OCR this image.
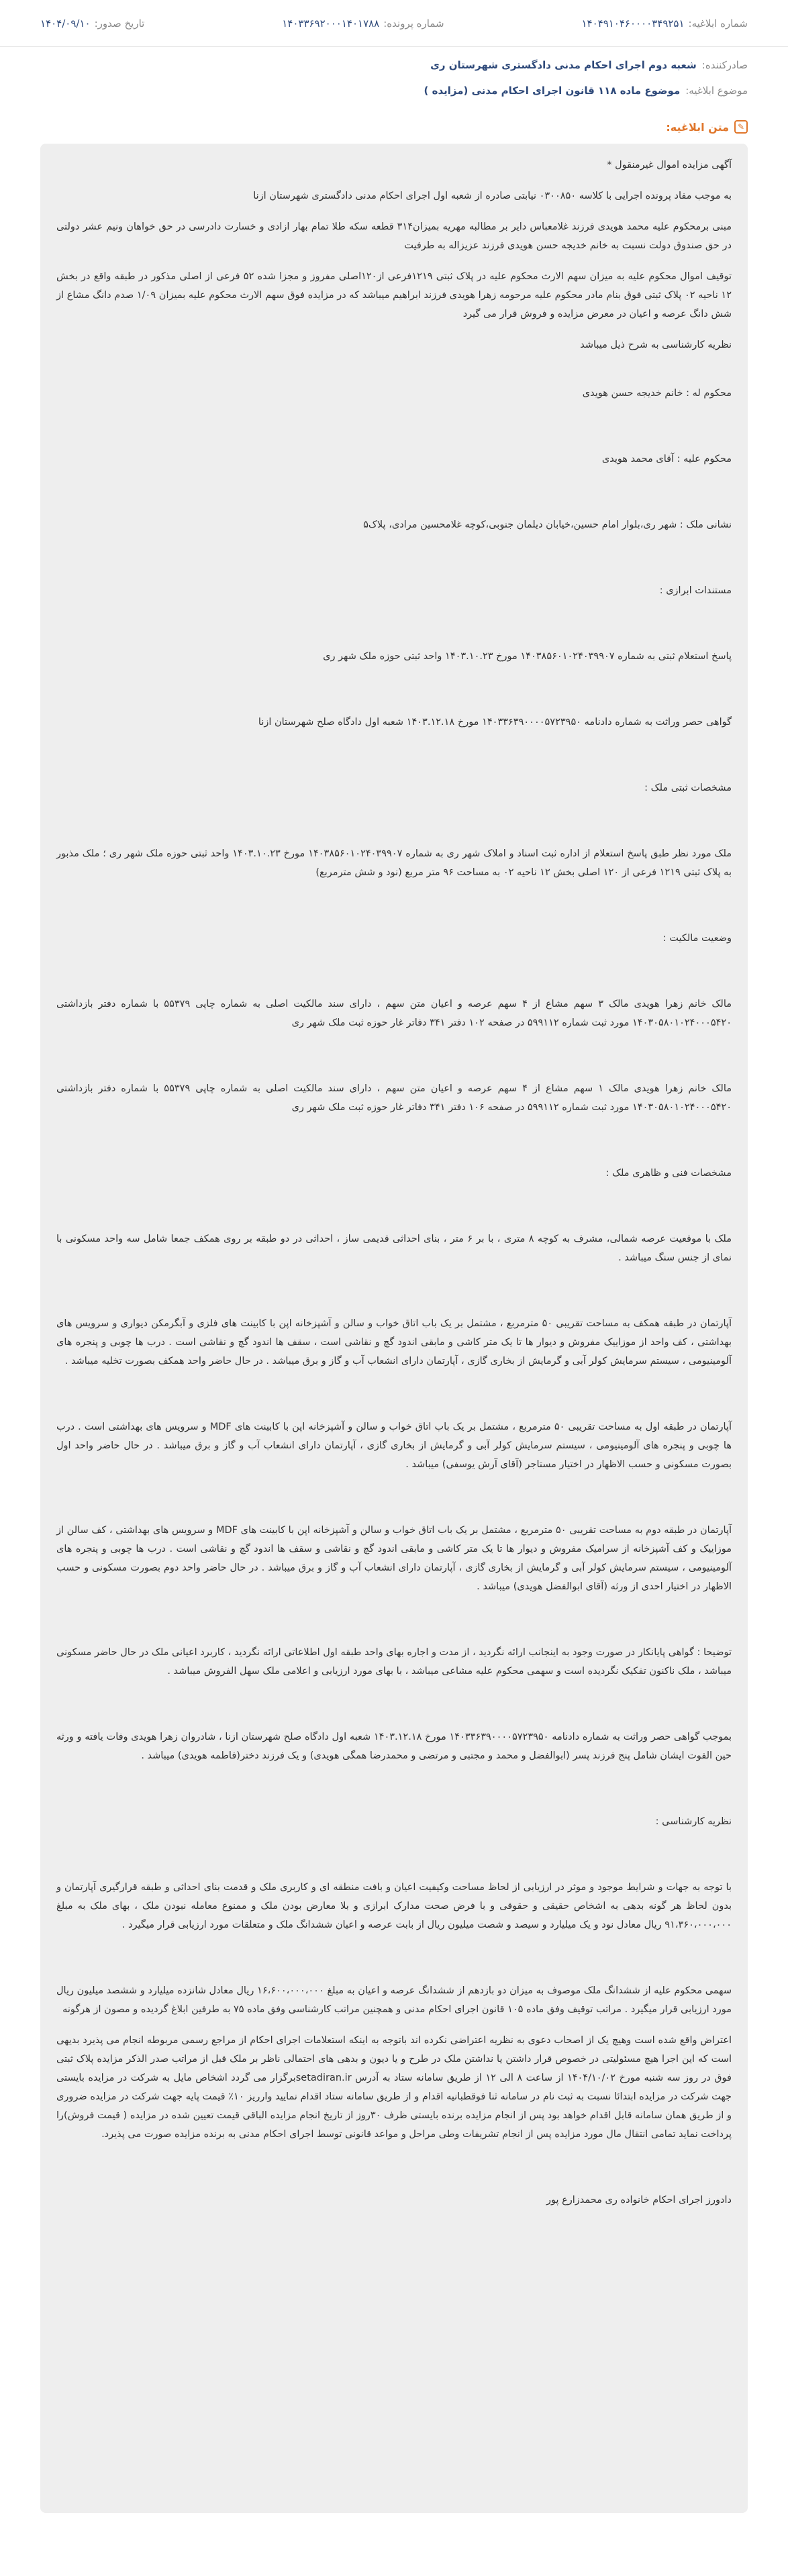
شماره ابلاغیه:۱۴۰۴۹۱۰۴۶۰۰۰۰۳۴۹۲۵۱
شماره پرونده:۱۴۰۳۳۶۹۲۰۰۰۱۴۰۱۷۸۸
تاریخ صدور:۱۴۰۴/۰۹/۱۰
صادرکننده:
شعبه دوم اجرای احکام مدنی دادگستری شهرستان ری
موضوع ابلاغیه:
موضوع ماده ۱۱۸ قانون اجرای احکام مدنی (مزایده )
✎
متن ابلاغیه:

آگهی مزایده اموال غیرمنقول *

به موجب مفاد پرونده اجرایی با کلاسه ۰۳۰۰۸۵۰ نیابتی صادره از شعبه اول اجرای احکام مدنی دادگستری شهرستان ازنا

مبنی برمحکوم علیه محمد هویدی فرزند غلامعباس دایر بر مطالبه مهریه بمیزان۳۱۴ قطعه سکه طلا تمام بهار ازادی و خسارت دادرسی در حق خواهان ونیم عشر دولتی در حق صندوق دولت نسبت به خانم خدیجه حسن هویدی فرزند عزیزاله به طرفیت

توقیف اموال محکوم علیه به میزان سهم الارث محکوم علیه در پلاک ثبتی ۱۲۱۹فرعی از۱۲۰اصلی مفروز و مجزا شده ۵۲ فرعی از اصلی مذکور در طبقه واقع در بخش ۱۲ ناحیه ۰۲ پلاک ثبتی فوق بنام مادر محکوم علیه مرحومه زهرا هویدی فرزند ابراهیم میباشد که در مزایده فوق سهم الارث محکوم علیه بمیزان ۱/۰۹ صدم دانگ مشاع از شش دانگ عرصه و اعیان در معرض مزایده و فروش قرار می گیرد

نظریه کارشناسی به شرح ذیل میباشد

محکوم له : خانم خدیجه حسن هویدی

محکوم علیه : آقای محمد هویدی

نشانی ملک : شهر ری،بلوار امام حسین،خیابان دیلمان جنوبی،کوچه غلامحسین مرادی، پلاک۵

مستندات ابرازی :

پاسخ استعلام ثبتی به شماره ۱۴۰۳۸۵۶۰۱۰۲۴۰۳۹۹۰۷ مورخ ۱۴۰۳.۱۰.۲۳ واحد ثبتی حوزه ملک شهر ری

گواهی حصر وراثت به شماره دادنامه ۱۴۰۳۳۶۳۹۰۰۰۰۵۷۲۳۹۵۰ مورخ ۱۴۰۳.۱۲.۱۸ شعبه اول دادگاه صلح شهرستان ازنا

مشخصات ثبتی ملک :

ملک مورد نظر طبق پاسخ استعلام از اداره ثبت اسناد و املاک شهر ری به شماره ۱۴۰۳۸۵۶۰۱۰۲۴۰۳۹۹۰۷ مورخ ۱۴۰۳.۱۰.۲۳ واحد ثبتی حوزه ملک شهر ری ؛ ملک مذبور به پلاک ثبتی ۱۲۱۹ فرعی از ۱۲۰ اصلی بخش ۱۲ ناحیه ۰۲ به مساحت ۹۶ متر مربع (نود و شش مترمربع)

وضعیت مالکیت :

مالک خانم زهرا هویدی مالک ۳ سهم مشاع از ۴ سهم عرصه و اعیان متن سهم ، دارای سند مالکیت اصلی به شماره چاپی ۵۵۳۷۹ با شماره دفتر بازداشتی ۱۴۰۳۰۵۸۰۱۰۲۴۰۰۰۵۴۲۰ مورد ثبت شماره ۵۹۹۱۱۲ در صفحه ۱۰۲ دفتر ۳۴۱ دفاتر غار حوزه ثبت ملک شهر ری

مالک خانم زهرا هویدی مالک ۱ سهم مشاع از ۴ سهم عرصه و اعیان متن سهم ، دارای سند مالکیت اصلی به شماره چاپی ۵۵۳۷۹ با شماره دفتر بازداشتی ۱۴۰۳۰۵۸۰۱۰۲۴۰۰۰۵۴۲۰ مورد ثبت شماره ۵۹۹۱۱۲ در صفحه ۱۰۶ دفتر ۳۴۱ دفاتر غار حوزه ثبت ملک شهر ری

مشخصات فنی و ظاهری ملک :

ملک با موقعیت عرصه شمالی، مشرف به کوچه ۸ متری ، با بر ۶ متر ، بنای احداثی قدیمی ساز ، احداثی در دو طبقه بر روی همکف جمعا شامل سه واحد مسکونی با نمای از جنس سنگ میباشد .

آپارتمان در طبقه همکف به مساحت تقریبی ۵۰ مترمربع ، مشتمل بر یک باب اتاق خواب و سالن و آشپزخانه اپن با کابینت های فلزی و آبگرمکن دیواری و سرویس های بهداشتی ، کف واحد از موزاییک مفروش و دیوار ها تا یک متر کاشی و مابقی اندود گچ و نقاشی است ، سقف ها اندود گچ و نقاشی است . درب ها چوبی و پنجره های آلومینیومی ، سیستم سرمایش کولر آبی و گرمایش از بخاری گازی ، آپارتمان دارای انشعاب آب و گاز و برق میباشد . در حال حاضر واحد همکف بصورت تخلیه میباشد .

آپارتمان در طبقه اول به مساحت تقریبی ۵۰ مترمربع ، مشتمل بر یک باب اتاق خواب و سالن و آشپزخانه اپن با کابینت های MDF و سرویس های بهداشتی است . درب ها چوبی و پنجره های آلومینیومی ، سیستم سرمایش کولر آبی و گرمایش از بخاری گازی ، آپارتمان دارای انشعاب آب و گاز و برق میباشد . در حال حاضر واحد اول بصورت مسکونی و حسب الاظهار در اختیار مستاجر (آقای آرش یوسفی) میباشد .

آپارتمان در طبقه دوم به مساحت تقریبی ۵۰ مترمربع ، مشتمل بر یک باب اتاق خواب و سالن و آشپزخانه اپن با کابینت های MDF و سرویس های بهداشتی ، کف سالن از موزاییک و کف آشپزخانه از سرامیک مفروش و دیوار ها تا یک متر کاشی و مابقی اندود گچ و نقاشی و سقف ها اندود گچ و نقاشی است . درب ها چوبی و پنجره های آلومینیومی ، سیستم سرمایش کولر آبی و گرمایش از بخاری گازی ، آپارتمان دارای انشعاب آب و گاز و برق میباشد . در حال حاضر واحد دوم بصورت مسکونی و حسب الاظهار در اختیار احدی از ورثه (آقای ابوالفضل هویدی) میباشد .

توضیحا : گواهی پایانکار در صورت وجود به اینجانب ارائه نگردید ، از مدت و اجاره بهای واحد طبقه اول اطلاعاتی ارائه نگردید ، کاربرد اعیانی ملک در حال حاضر مسکونی میباشد ، ملک ناکنون تفکیک نگردیده است و سهمی محکوم علیه مشاعی میباشد ، با بهای مورد ارزیابی و اعلامی ملک سهل الفروش میباشد .

بموجب گواهی حصر وراثت به شماره دادنامه ۱۴۰۳۳۶۳۹۰۰۰۰۵۷۲۳۹۵۰ مورخ ۱۴۰۳.۱۲.۱۸ شعبه اول دادگاه صلح شهرستان ازنا ، شادروان زهرا هویدی وفات یافته و ورثه حین الفوت ایشان شامل پنج فرزند پسر (ابوالفضل و محمد و مجتبی و مرتضی و محمدرضا همگی هویدی) و یک فرزند دختر(فاطمه هویدی) میباشد .

نظریه کارشناسی :

با توجه به جهات و شرایط موجود و موثر در ارزیابی از لحاظ مساحت وکیفیت اعیان و بافت منطقه ای و کاربری ملک و قدمت بنای احداثی و طبقه قرارگیری آپارتمان و بدون لحاظ هر گونه بدهی به اشخاص حقیقی و حقوقی و با فرض صحت مدارک ابرازی و بلا معارض بودن ملک و ممنوع معامله نبودن ملک ، بهای ملک به مبلغ ۹۱،۳۶۰،۰۰۰،۰۰۰ ریال معادل نود و یک میلیارد و سیصد و شصت میلیون ریال از بابت عرصه و اعیان ششدانگ ملک و متعلقات مورد ارزیابی قرار میگیرد .

سهمی محکوم علیه از ششدانگ ملک موصوف به میزان دو بازدهم از ششدانگ عرصه و اعیان به مبلغ ۱۶،۶۰۰،۰۰۰،۰۰۰ ریال معادل شانزده میلیارد و ششصد میلیون ریال مورد ارزیابی قرار میگیرد . مراتب توقیف وفق ماده ۱۰۵ قانون اجرای احکام مدنی و همچنین مراتب کارشناسی وفق ماده ۷۵ به طرفین ابلاغ گردیده و مصون از هرگونه

اعتراض واقع شده است وهیچ یک از اصحاب دعوی به نظریه اعتراضی نکرده اند باتوجه به اینکه استعلامات اجرای احکام از مراجع رسمی مربوطه انجام می پذیرد بدیهی است که این اجرا هیچ مسئولیتی در خصوص قرار داشتن یا نداشتن ملک در طرح و یا دیون و بدهی های احتمالی ناظر بر ملک قبل از مراتب صدر الذکر مزایده پلاک ثبتی فوق در روز سه شنبه مورخ ۱۴۰۴/۱۰/۰۲ از ساعت ۸ الی ۱۲ از طریق سامانه ستاد به آدرس setadiran.irبرگزار می گردد اشخاص مایل به شرکت در مزایده بایستی جهت شرکت در مزایده ابتدائا نسبت به ثبت نام در سامانه ثنا فوقطبانیه اقدام و از طریق سامانه ستاد اقدام نمایید وارریز ۱۰٪ قیمت پایه جهت شرکت در مزایده ضروری و از طریق همان سامانه قابل اقدام خواهد بود پس از انجام مزایده برنده بایستی ظرف ۳۰روز از تاریخ انجام مزایده الباقی قیمت تعیین شده در مزایده ( قیمت فروش)را پرداخت نماید تمامی انتقال مال مورد مزایده پس از انجام تشریفات وطی مراحل و مواعد قانونی توسط اجرای احکام مدنی به برنده مزایده صورت می پذیرد.

دادورز اجرای احکام خانواده ری محمدزارع پور
